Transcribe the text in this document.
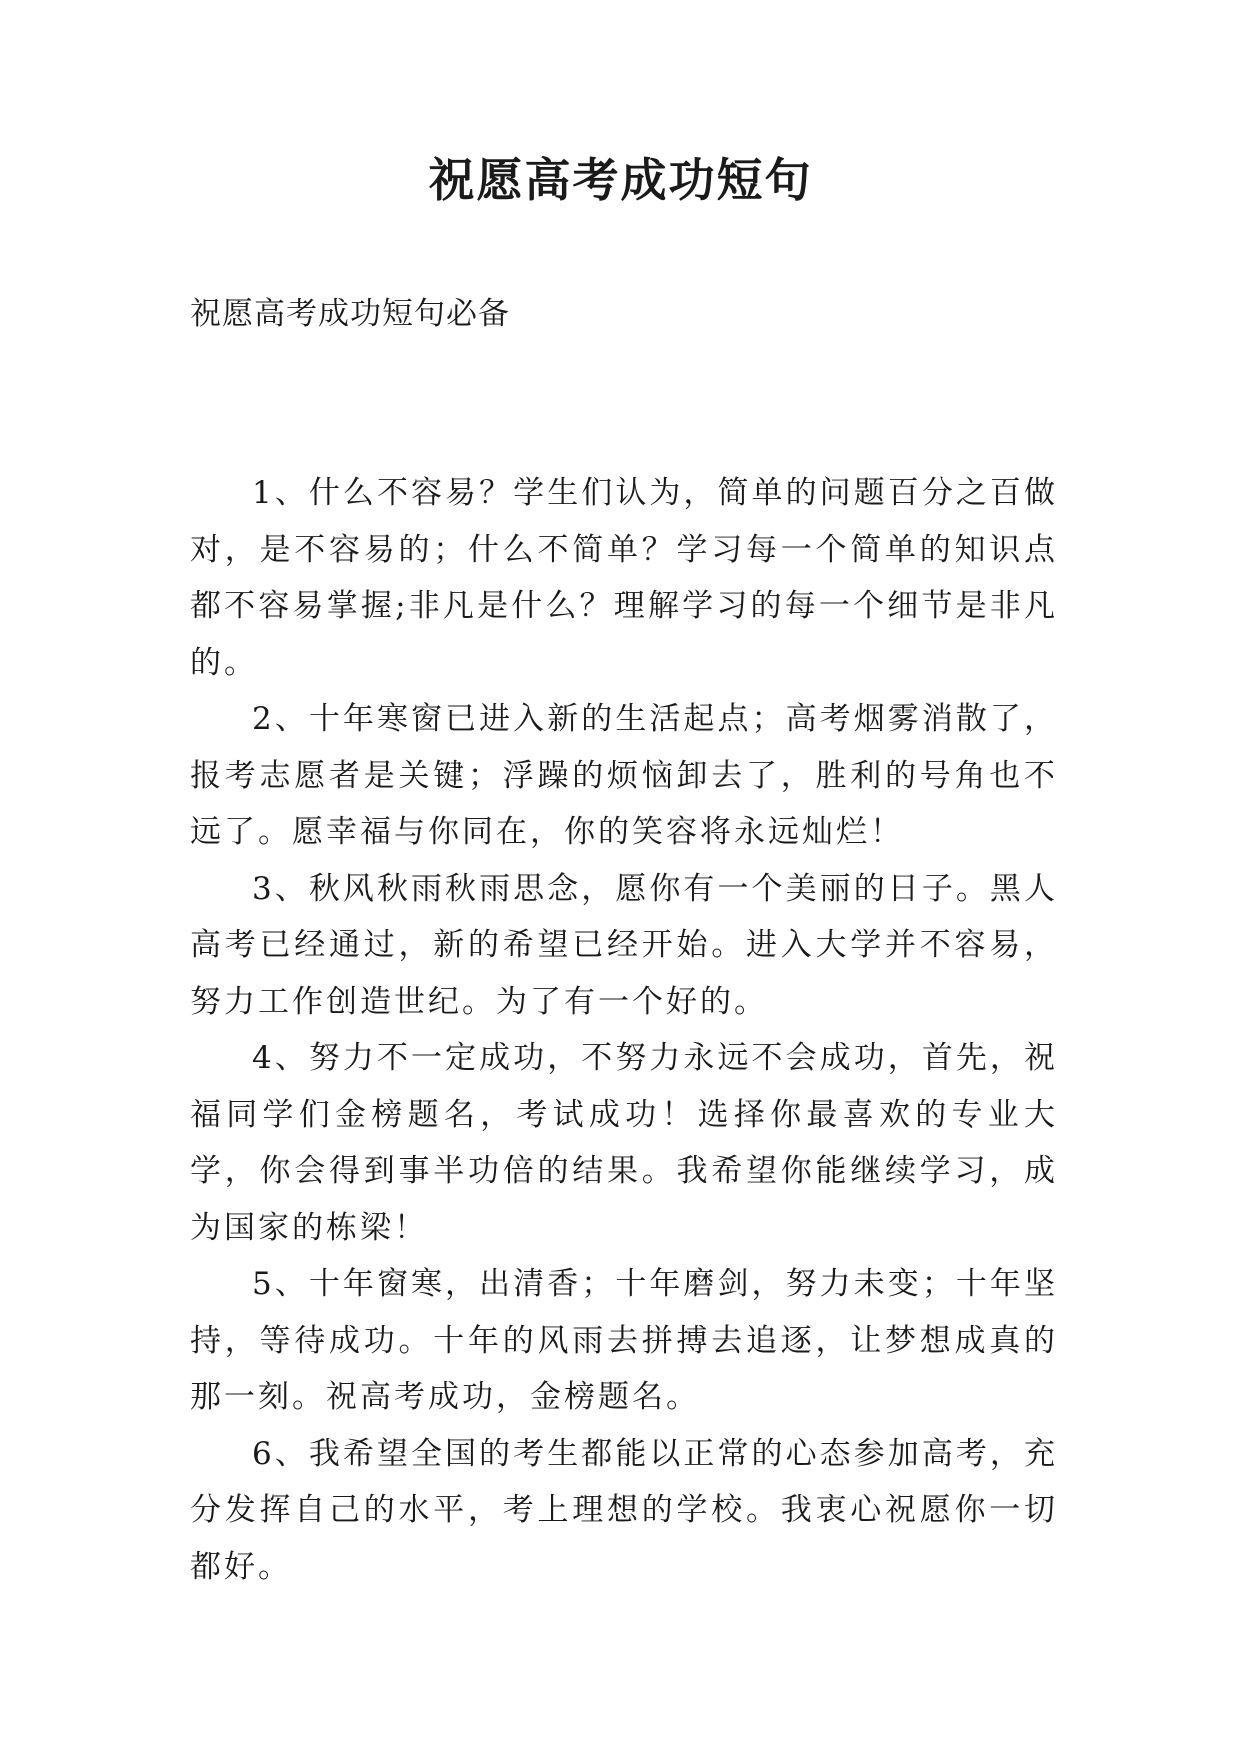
祝愿高考成功短句

祝愿高考成功短句必备

1、什么不容易？学生们认为，简单的问题百分之百做对，是不容易的；什么不简单？学习每一个简单的知识点都不容易掌握;非凡是什么？理解学习的每一个细节是非凡的。

2、十年寒窗已进入新的生活起点；高考烟雾消散了，报考志愿者是关键；浮躁的烦恼卸去了，胜利的号角也不远了。愿幸福与你同在，你的笑容将永远灿烂！

3、秋风秋雨秋雨思念，愿你有一个美丽的日子。黑人高考已经通过，新的希望已经开始。进入大学并不容易，努力工作创造世纪。为了有一个好的。

4、努力不一定成功，不努力永远不会成功，首先，祝福同学们金榜题名，考试成功！选择你最喜欢的专业大学，你会得到事半功倍的结果。我希望你能继续学习，成为国家的栋梁！

5、十年窗寒，出清香；十年磨剑，努力未变；十年坚持，等待成功。十年的风雨去拼搏去追逐，让梦想成真的那一刻。祝高考成功，金榜题名。

6、我希望全国的考生都能以正常的心态参加高考，充分发挥自己的水平，考上理想的学校。我衷心祝愿你一切都好。
